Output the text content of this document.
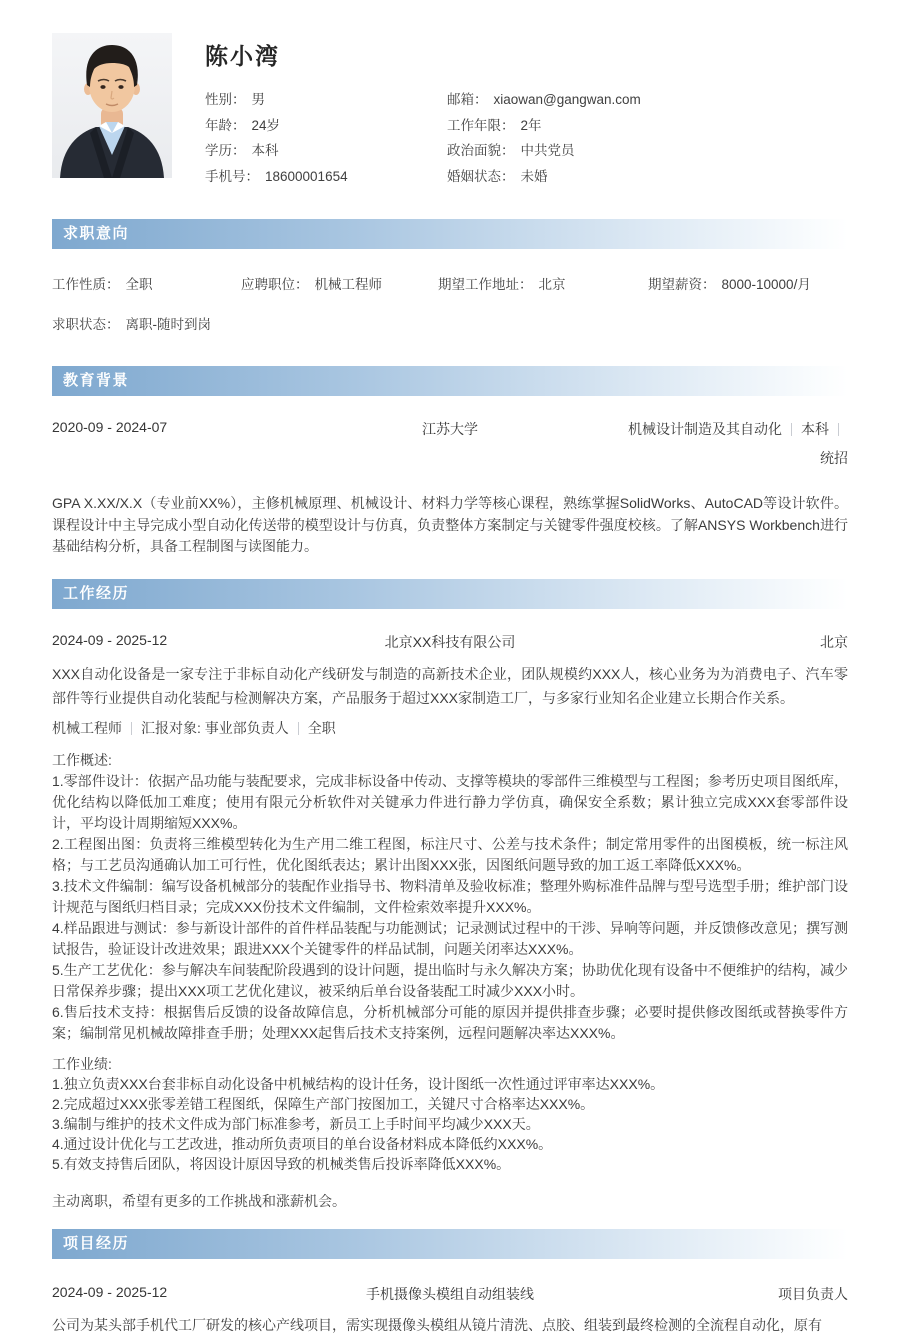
陈小湾
性别： 男
年龄： 24岁
学历： 本科
手机号： 18600001654
邮箱： xiaowan@gangwan.com
工作年限： 2年
政治面貌： 中共党员
婚姻状态： 未婚
求职意向
工作性质： 全职	应聘职位： 机械工程师	期望工作地址： 北京	期望薪资： 8000-10000/月
求职状态： 离职-随时到岗
教育背景
2020-09 - 2024-07	江苏大学	机械设计制造及其自动化 本科
统招
GPA X.XX/X.X（专业前XX%），主修机械原理、机械设计、材料力学等核心课程，熟练掌握SolidWorks、AutoCAD等设计软件。课程设计中主导完成小型自动化传送带的模型设计与仿真，负责整体方案制定与关键零件强度校核。了解ANSYS Workbench进行基础结构分析，具备工程制图与读图能力。
工作经历
2024-09 - 2025-12	北京XX科技有限公司	北京
XXX自动化设备是一家专注于非标自动化产线研发与制造的高新技术企业，团队规模约XXX人，核心业务为为消费电子、汽车零部件等行业提供自动化装配与检测解决方案，产品服务于超过XXX家制造工厂，与多家行业知名企业建立长期合作关系。
机械工程师 汇报对象: 事业部负责人 全职
工作概述:
1.零部件设计：依据产品功能与装配要求，完成非标设备中传动、支撑等模块的零部件三维模型与工程图；参考历史项目图纸库，优化结构以降低加工难度；使用有限元分析软件对关键承力件进行静力学仿真，确保安全系数；累计独立完成XXX套零部件设计，平均设计周期缩短XXX%。
2.工程图出图：负责将三维模型转化为生产用二维工程图，标注尺寸、公差与技术条件；制定常用零件的出图模板，统一标注风格；与工艺员沟通确认加工可行性，优化图纸表达；累计出图XXX张，因图纸问题导致的加工返工率降低XXX%。
3.技术文件编制：编写设备机械部分的装配作业指导书、物料清单及验收标准；整理外购标准件品牌与型号选型手册；维护部门设计规范与图纸归档目录；完成XXX份技术文件编制，文件检索效率提升XXX%。
4.样品跟进与测试：参与新设计部件的首件样品装配与功能测试；记录测试过程中的干涉、异响等问题，并反馈修改意见；撰写测试报告，验证设计改进效果；跟进XXX个关键零件的样品试制，问题关闭率达XXX%。
5.生产工艺优化：参与解决车间装配阶段遇到的设计问题，提出临时与永久解决方案；协助优化现有设备中不便维护的结构，减少日常保养步骤；提出XXX项工艺优化建议，被采纳后单台设备装配工时减少XXX小时。
6.售后技术支持：根据售后反馈的设备故障信息，分析机械部分可能的原因并提供排查步骤；必要时提供修改图纸或替换零件方案；编制常见机械故障排查手册；处理XXX起售后技术支持案例，远程问题解决率达XXX%。
工作业绩:
1.独立负责XXX台套非标自动化设备中机械结构的设计任务，设计图纸一次性通过评审率达XXX%。
2.完成超过XXX张零差错工程图纸，保障生产部门按图加工，关键尺寸合格率达XXX%。
3.编制与维护的技术文件成为部门标准参考，新员工上手时间平均减少XXX天。
4.通过设计优化与工艺改进，推动所负责项目的单台设备材料成本降低约XXX%。
5.有效支持售后团队，将因设计原因导致的机械类售后投诉率降低XXX%。
主动离职，希望有更多的工作挑战和涨薪机会。
项目经历
2024-09 - 2025-12	手机摄像头模组自动组装线	项目负责人
公司为某头部手机代工厂研发的核心产线项目，需实现摄像头模组从镜片清洗、点胶、组装到最终检测的全流程自动化，原有
